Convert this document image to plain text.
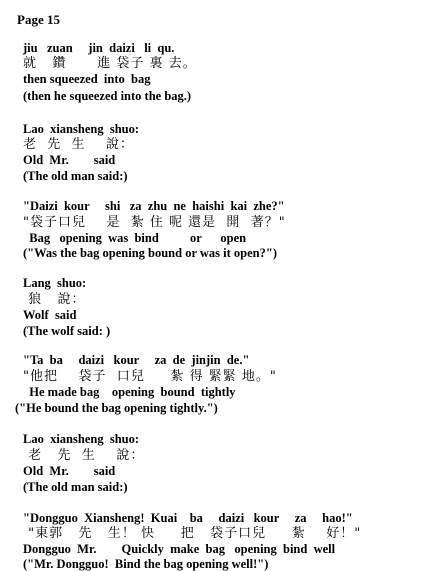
Page 15
jiu   zuan     jin  daizi   li  qu.
就   鑽      進 袋子 裏 去。
then squeezed  into  bag
(then he squeezed into the bag.)
Lao  xiansheng  shuo:
老  先  生    說：
Old  Mr.        said
(The old man said:)
"Daizi  kour     shi   za  zhu  ne  haishi  kai  zhe?"
"袋子口兒    是  紮 住 呢 還是  開  著？"
Bag   opening  was  bind          or      open
("Was the bag opening bound or was it open?")
Lang  shuo:
狼   說：
Wolf  said
(The wolf said: )
"Ta  ba     daizi   kour     za  de  jinjin  de."
"他把    袋子  口兒     紮 得 緊緊 地。"
He made bag    opening  bound  tightly
("He bound the bag opening tightly.")
Lao  xiansheng  shuo:
老   先  生    說：
Old  Mr.        said
(The old man said:)
"Dongguo  Xiansheng!  Kuai    ba     daizi   kour     za     hao!"
"東郭   先   生！ 快     把   袋子口兒     紮    好！"
Dongguo  Mr.        Quickly  make  bag   opening  bind  well
("Mr. Dongguo!  Bind the bag opening well!")
